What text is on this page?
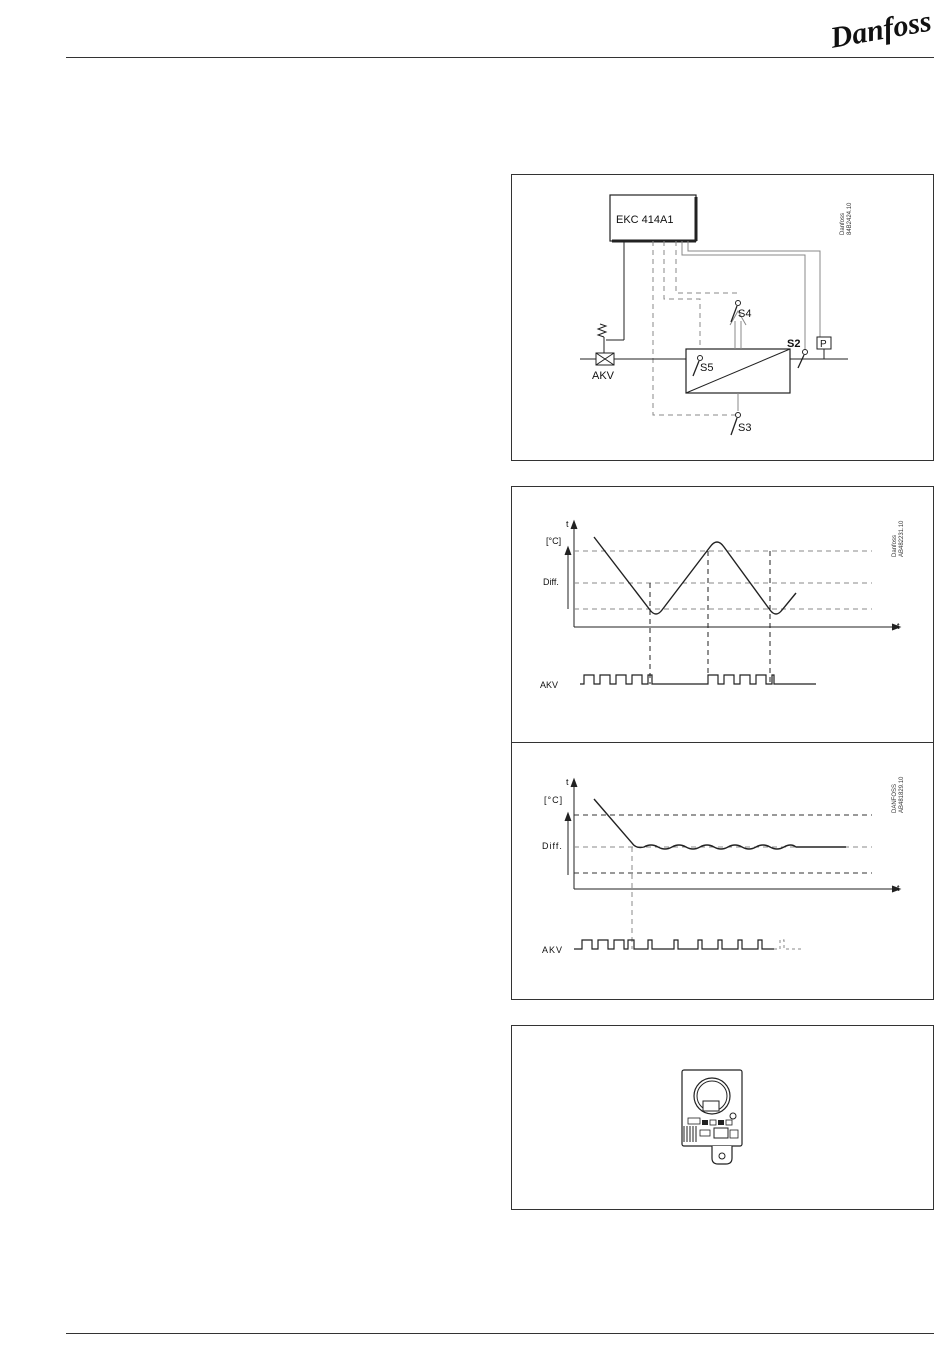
Danfoss
EKC 414A1
AKV
S4
S5
S3
S2 P
Danfoss 84B2424.10
t
t
[°C]
Diff.
AKV
Danfoss AB482231.10
t
t
[°C]
Diff.
AKV
DANFOSS AB481829.10
